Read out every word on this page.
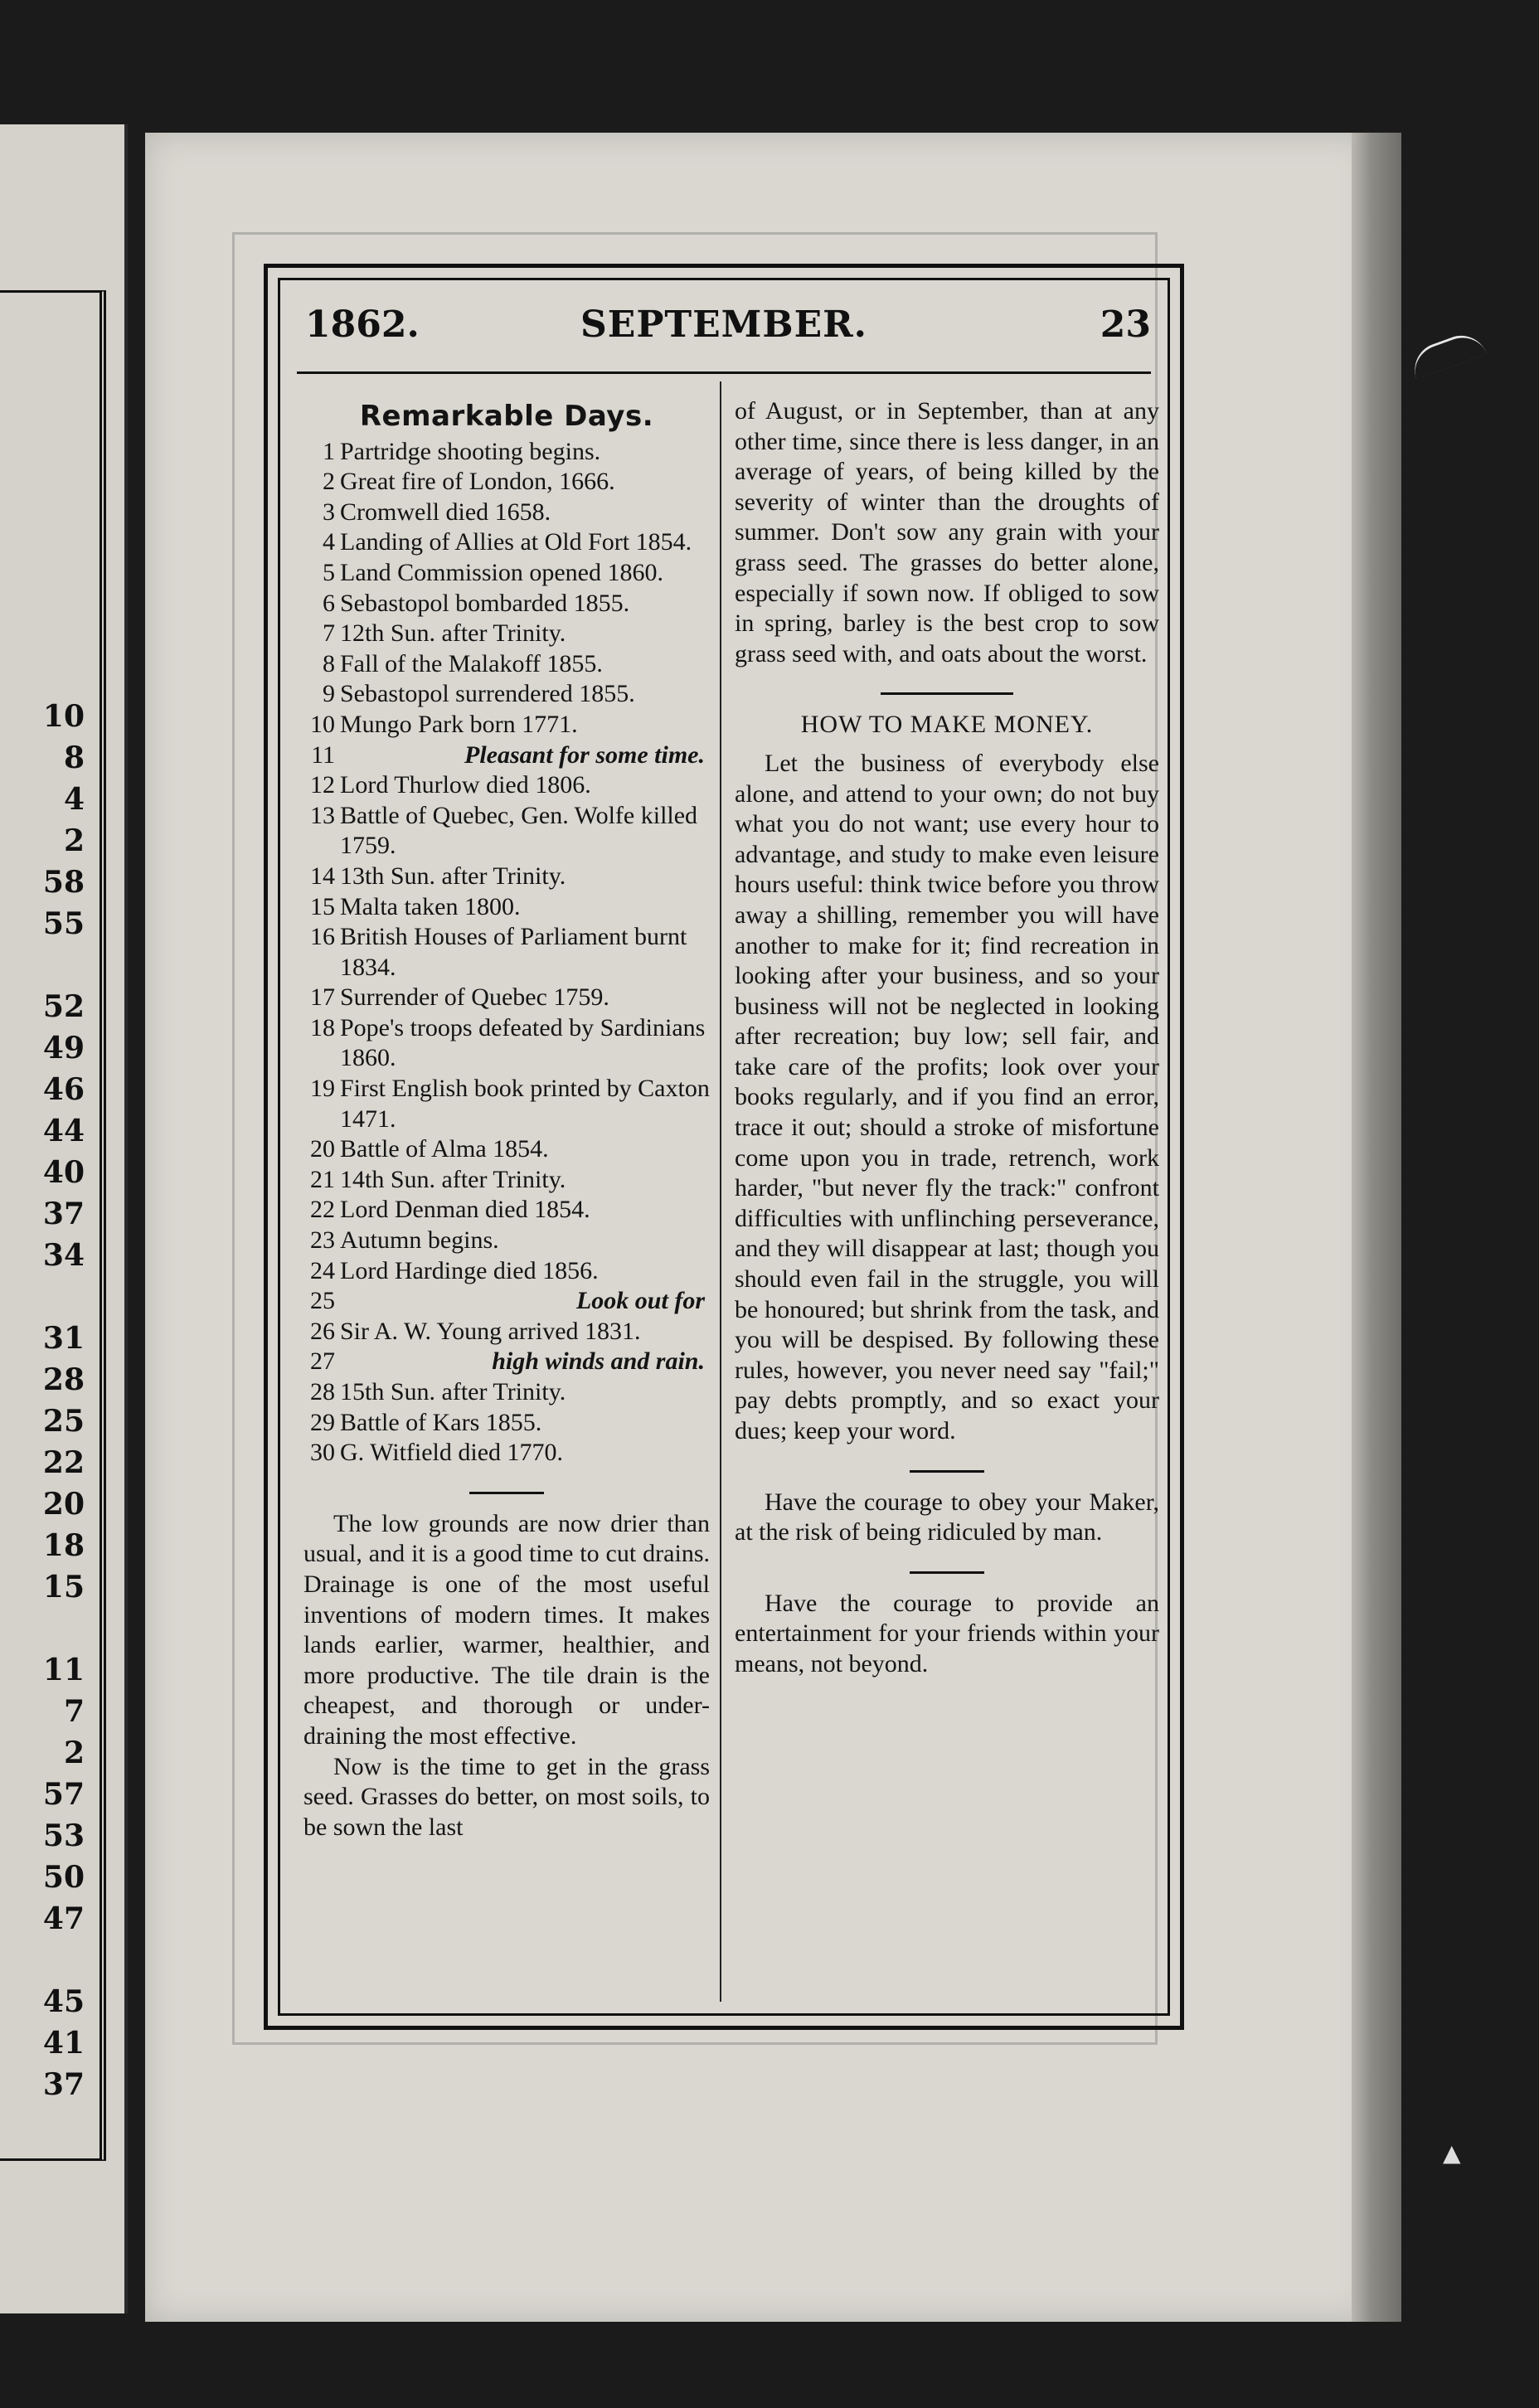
10
8
4
2
58
55
52
49
46
44
40
37
34
31
28
25
22
20
18
15
11
7
2
57
53
50
47
45
41
37
▲
1862.	SEPTEMBER.	23
Remarkable Days.
1 Partridge shooting begins.
2 Great fire of London, 1666.
3 Cromwell died 1658.
4 Landing of Allies at Old Fort 1854.
5 Land Commission opened 1860.
6 Sebastopol bombarded 1855.
7 12th Sun. after Trinity.
8 Fall of the Malakoff 1855.
9 Sebastopol surrendered 1855.
10 Mungo Park born 1771.
11	Pleasant for some time.
12 Lord Thurlow died 1806.
13 Battle of Quebec, Gen. Wolfe killed 1759.
14 13th Sun. after Trinity.
15 Malta taken 1800.
16 British Houses of Parliament burnt 1834.
17 Surrender of Quebec 1759.
18 Pope's troops defeated by Sardinians 1860.
19 First English book printed by Caxton 1471.
20 Battle of Alma 1854.
21 14th Sun. after Trinity.
22 Lord Denman died 1854.
23 Autumn begins.
24 Lord Hardinge died 1856.
25	Look out for
26 Sir A. W. Young arrived 1831.
27	high winds and rain.
28 15th Sun. after Trinity.
29 Battle of Kars 1855.
30 G. Witfield died 1770.

The low grounds are now drier than usual, and it is a good time to cut drains. Drainage is one of the most useful inventions of modern times. It makes lands earlier, warmer, healthier, and more productive. The tile drain is the cheapest, and thorough or under-draining the most effective.

Now is the time to get in the grass seed. Grasses do better, on most soils, to be sown the last

of August, or in September, than at any other time, since there is less danger, in an average of years, of being killed by the severity of winter than the droughts of summer. Don't sow any grain with your grass seed. The grasses do better alone, especially if sown now. If obliged to sow in spring, barley is the best crop to sow grass seed with, and oats about the worst.

HOW TO MAKE MONEY.

Let the business of everybody else alone, and attend to your own; do not buy what you do not want; use every hour to advantage, and study to make even leisure hours useful: think twice before you throw away a shilling, remember you will have another to make for it; find recreation in looking after your business, and so your business will not be neglected in looking after recreation; buy low; sell fair, and take care of the profits; look over your books regularly, and if you find an error, trace it out; should a stroke of misfortune come upon you in trade, retrench, work harder, "but never fly the track:" confront difficulties with unflinching perseverance, and they will disappear at last; though you should even fail in the struggle, you will be honoured; but shrink from the task, and you will be despised. By following these rules, however, you never need say "fail;" pay debts promptly, and so exact your dues; keep your word.

Have the courage to obey your Maker, at the risk of being ridiculed by man.

Have the courage to provide an entertainment for your friends within your means, not beyond.
